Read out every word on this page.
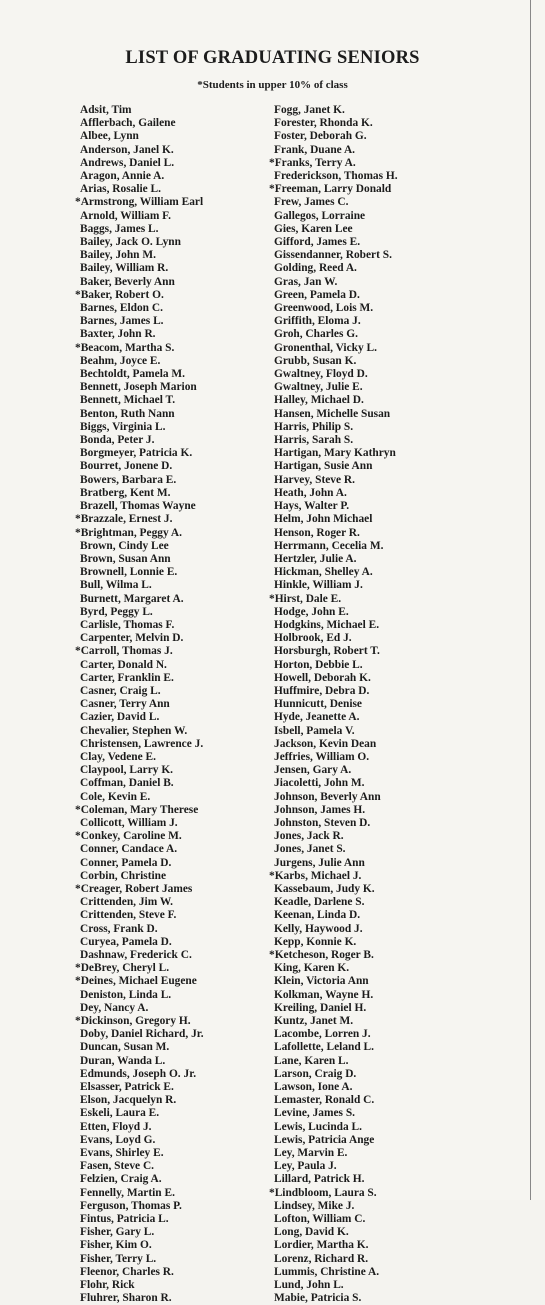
LIST OF GRADUATING SENIORS
*Students in upper 10% of class
Adsit, Tim
Afflerbach, Gailene
Albee, Lynn
Anderson, Janel K.
Andrews, Daniel L.
Aragon, Annie A.
Arias, Rosalie L.
*Armstrong, William Earl
Arnold, William F.
Baggs, James L.
Bailey, Jack O. Lynn
Bailey, John M.
Bailey, William R.
Baker, Beverly Ann
*Baker, Robert O.
Barnes, Eldon C.
Barnes, James L.
Baxter, John R.
*Beacom, Martha S.
Beahm, Joyce E.
Bechtoldt, Pamela M.
Bennett, Joseph Marion
Bennett, Michael T.
Benton, Ruth Nann
Biggs, Virginia L.
Bonda, Peter J.
Borgmeyer, Patricia K.
Bourret, Jonene D.
Bowers, Barbara E.
Bratberg, Kent M.
Brazell, Thomas Wayne
*Brazzale, Ernest J.
*Brightman, Peggy A.
Brown, Cindy Lee
Brown, Susan Ann
Brownell, Lonnie E.
Bull, Wilma L.
Burnett, Margaret A.
Byrd, Peggy L.
Carlisle, Thomas F.
Carpenter, Melvin D.
*Carroll, Thomas J.
Carter, Donald N.
Carter, Franklin E.
Casner, Craig L.
Casner, Terry Ann
Cazier, David L.
Chevalier, Stephen W.
Christensen, Lawrence J.
Clay, Vedene E.
Claypool, Larry K.
Coffman, Daniel B.
Cole, Kevin E.
*Coleman, Mary Therese
Collicott, William J.
*Conkey, Caroline M.
Conner, Candace A.
Conner, Pamela D.
Corbin, Christine
*Creager, Robert James
Crittenden, Jim W.
Crittenden, Steve F.
Cross, Frank D.
Curyea, Pamela D.
Dashnaw, Frederick C.
*DeBrey, Cheryl L.
*Deines, Michael Eugene
Deniston, Linda L.
Dey, Nancy A.
*Dickinson, Gregory H.
Doby, Daniel Richard, Jr.
Duncan, Susan M.
Duran, Wanda L.
Edmunds, Joseph O. Jr.
Elsasser, Patrick E.
Elson, Jacquelyn R.
Eskeli, Laura E.
Etten, Floyd J.
Evans, Loyd G.
Evans, Shirley E.
Fasen, Steve C.
Felzien, Craig A.
Fennelly, Martin E.
Ferguson, Thomas P.
Fintus, Patricia L.
Fisher, Gary L.
Fisher, Kim O.
Fisher, Terry L.
Fleenor, Charles R.
Flohr, Rick
Fluhrer, Sharon R.
Fogg, Janet K.
Forester, Rhonda K.
Foster, Deborah G.
Frank, Duane A.
*Franks, Terry A.
Frederickson, Thomas H.
*Freeman, Larry Donald
Frew, James C.
Gallegos, Lorraine
Gies, Karen Lee
Gifford, James E.
Gissendanner, Robert S.
Golding, Reed A.
Gras, Jan W.
Green, Pamela D.
Greenwood, Lois M.
Griffith, Eloma J.
Groh, Charles G.
Gronenthal, Vicky L.
Grubb, Susan K.
Gwaltney, Floyd D.
Gwaltney, Julie E.
Halley, Michael D.
Hansen, Michelle Susan
Harris, Philip S.
Harris, Sarah S.
Hartigan, Mary Kathryn
Hartigan, Susie Ann
Harvey, Steve R.
Heath, John A.
Hays, Walter P.
Helm, John Michael
Henson, Roger R.
Herrmann, Cecelia M.
Hertzler, Julie A.
Hickman, Shelley A.
Hinkle, William J.
*Hirst, Dale E.
Hodge, John E.
Hodgkins, Michael E.
Holbrook, Ed J.
Horsburgh, Robert T.
Horton, Debbie L.
Howell, Deborah K.
Huffmire, Debra D.
Hunnicutt, Denise
Hyde, Jeanette A.
Isbell, Pamela V.
Jackson, Kevin Dean
Jeffries, William O.
Jensen, Gary A.
Jiacoletti, John M.
Johnson, Beverly Ann
Johnson, James H.
Johnston, Steven D.
Jones, Jack R.
Jones, Janet S.
Jurgens, Julie Ann
*Karbs, Michael J.
Kassebaum, Judy K.
Keadle, Darlene S.
Keenan, Linda D.
Kelly, Haywood J.
Kepp, Konnie K.
*Ketcheson, Roger B.
King, Karen K.
Klein, Victoria Ann
Kolkman, Wayne H.
Kreiling, Daniel H.
Kuntz, Janet M.
Lacombe, Lorren J.
Lafollette, Leland L.
Lane, Karen L.
Larson, Craig D.
Lawson, Ione A.
Lemaster, Ronald C.
Levine, James S.
Lewis, Lucinda L.
Lewis, Patricia Ange
Ley, Marvin E.
Ley, Paula J.
Lillard, Patrick H.
*Lindbloom, Laura S.
Lindsey, Mike J.
Lofton, William C.
Long, David K.
Lordier, Martha K.
Lorenz, Richard R.
Lummis, Christine A.
Lund, John L.
Mabie, Patricia S.
